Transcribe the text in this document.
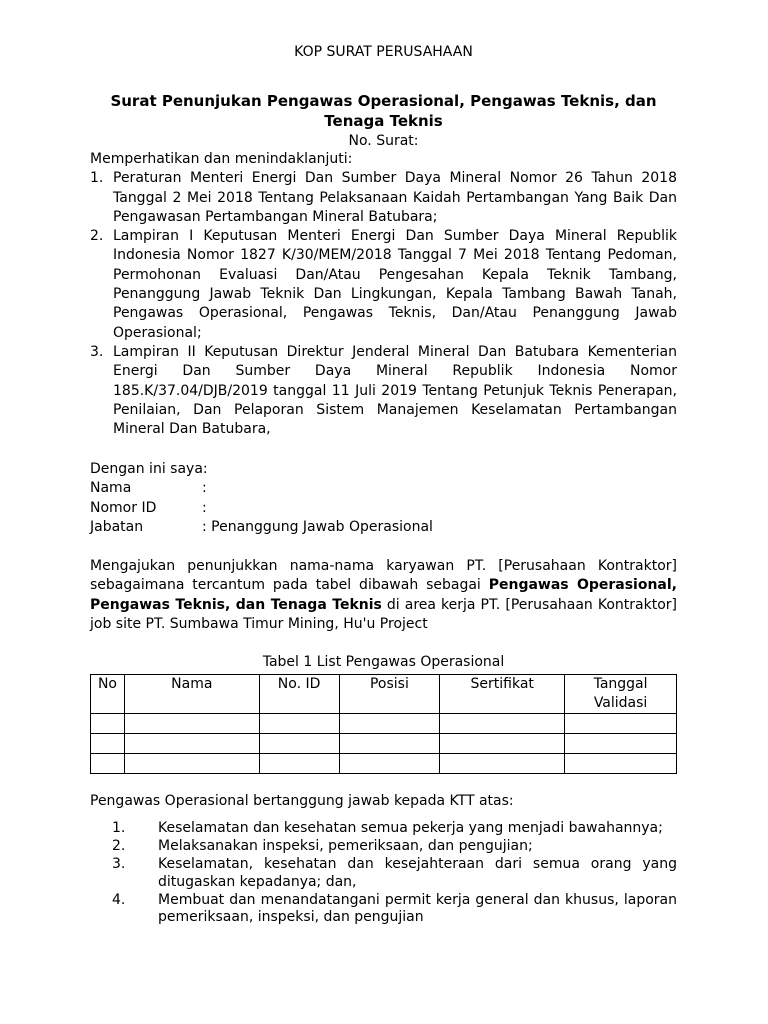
KOP SURAT PERUSAHAAN
Surat Penunjukan Pengawas Operasional, Pengawas Teknis, dan
Tenaga Teknis
No. Surat:
Memperhatikan dan menindaklanjuti:
1. Peraturan Menteri Energi Dan Sumber Daya Mineral Nomor 26 Tahun 2018 Tanggal 2 Mei 2018 Tentang Pelaksanaan Kaidah Pertambangan Yang Baik Dan Pengawasan Pertambangan Mineral Batubara;
2. Lampiran I Keputusan Menteri Energi Dan Sumber Daya Mineral Republik Indonesia Nomor 1827 K/30/MEM/2018 Tanggal 7 Mei 2018 Tentang Pedoman, Permohonan Evaluasi Dan/Atau Pengesahan Kepala Teknik Tambang, Penanggung Jawab Teknik Dan Lingkungan, Kepala Tambang Bawah Tanah, Pengawas Operasional, Pengawas Teknis, Dan/Atau Penanggung Jawab Operasional;
3. Lampiran II Keputusan Direktur Jenderal Mineral Dan Batubara Kementerian Energi Dan Sumber Daya Mineral Republik Indonesia Nomor 185.K/37.04/DJB/2019 tanggal 11 Juli 2019 Tentang Petunjuk Teknis Penerapan, Penilaian, Dan Pelaporan Sistem Manajemen Keselamatan Pertambangan Mineral Dan Batubara,
Dengan ini saya:
Nama	:
Nomor ID	:
Jabatan	: Penanggung Jawab Operasional
Mengajukan penunjukkan nama-nama karyawan PT. [Perusahaan Kontraktor] sebagaimana tercantum pada tabel dibawah sebagai Pengawas Operasional, Pengawas Teknis, dan Tenaga Teknis di area kerja PT. [Perusahaan Kontraktor] job site PT. Sumbawa Timur Mining, Hu'u Project
Tabel 1 List Pengawas Operasional
No	Nama	No. ID	Posisi	Sertifikat	Tanggal Validasi

Pengawas Operasional bertanggung jawab kepada KTT atas:
1. Keselamatan dan kesehatan semua pekerja yang menjadi bawahannya;
2. Melaksanakan inspeksi, pemeriksaan, dan pengujian;
3. Keselamatan, kesehatan dan kesejahteraan dari semua orang yang ditugaskan kepadanya; dan,
4. Membuat dan menandatangani permit kerja general dan khusus, laporan pemeriksaan, inspeksi, dan pengujian
